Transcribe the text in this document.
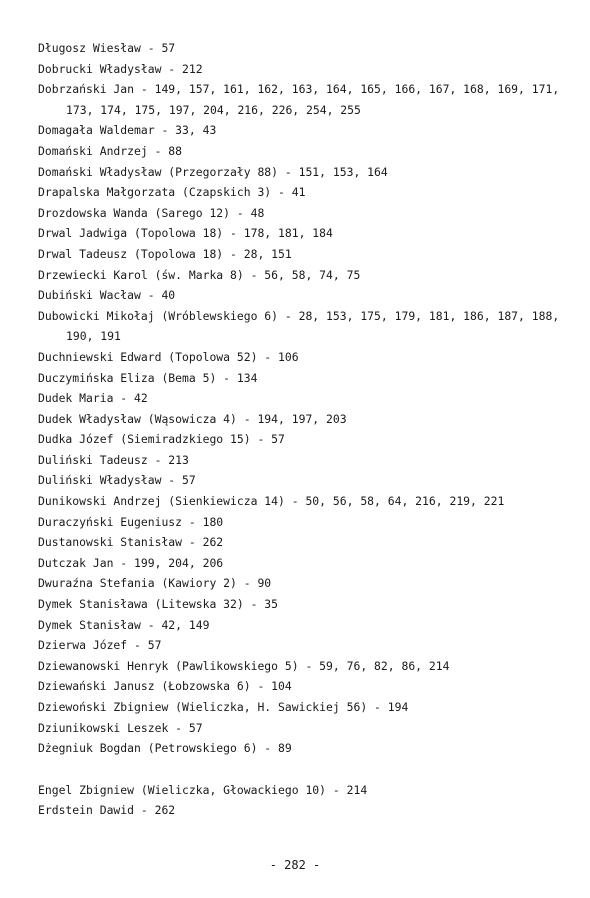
Długosz Wiesław - 57

Dobrucki Władysław - 212

Dobrzański Jan - 149, 157, 161, 162, 163, 164, 165, 166, 167, 168, 169, 171, 173, 174, 175, 197, 204, 216, 226, 254, 255

Domagała Waldemar - 33, 43

Domański Andrzej - 88

Domański Władysław (Przegorzały 88) - 151, 153, 164

Drapalska Małgorzata (Czapskich 3) - 41

Drozdowska Wanda (Sarego 12) - 48

Drwal Jadwiga (Topolowa 18) - 178, 181, 184

Drwal Tadeusz (Topolowa 18) - 28, 151

Drzewiecki Karol (św. Marka 8) - 56, 58, 74, 75

Dubiński Wacław - 40

Dubowicki Mikołaj (Wróblewskiego 6) - 28, 153, 175, 179, 181, 186, 187, 188, 190, 191

Duchniewski Edward (Topolowa 52) - 106

Duczymińska Eliza (Bema 5) - 134

Dudek Maria - 42

Dudek Władysław (Wąsowicza 4) - 194, 197, 203

Dudka Józef (Siemiradzkiego 15) - 57

Duliński Tadeusz - 213

Duliński Władysław - 57

Dunikowski Andrzej (Sienkiewicza 14) - 50, 56, 58, 64, 216, 219, 221

Duraczyński Eugeniusz - 180

Dustanowski Stanisław - 262

Dutczak Jan - 199, 204, 206

Dwuraźna Stefania (Kawiory 2) - 90

Dymek Stanisława (Litewska 32) - 35

Dymek Stanisław - 42, 149

Dzierwa Józef - 57

Dziewanowski Henryk (Pawlikowskiego 5) - 59, 76, 82, 86, 214

Dziewański Janusz (Łobzowska 6) - 104

Dziewoński Zbigniew (Wieliczka, H. Sawickiej 56) - 194

Dziunikowski Leszek - 57

Dżegniuk Bogdan (Petrowskiego 6) - 89

Engel Zbigniew (Wieliczka, Głowackiego 10) - 214

Erdstein Dawid - 262

- 282 -
